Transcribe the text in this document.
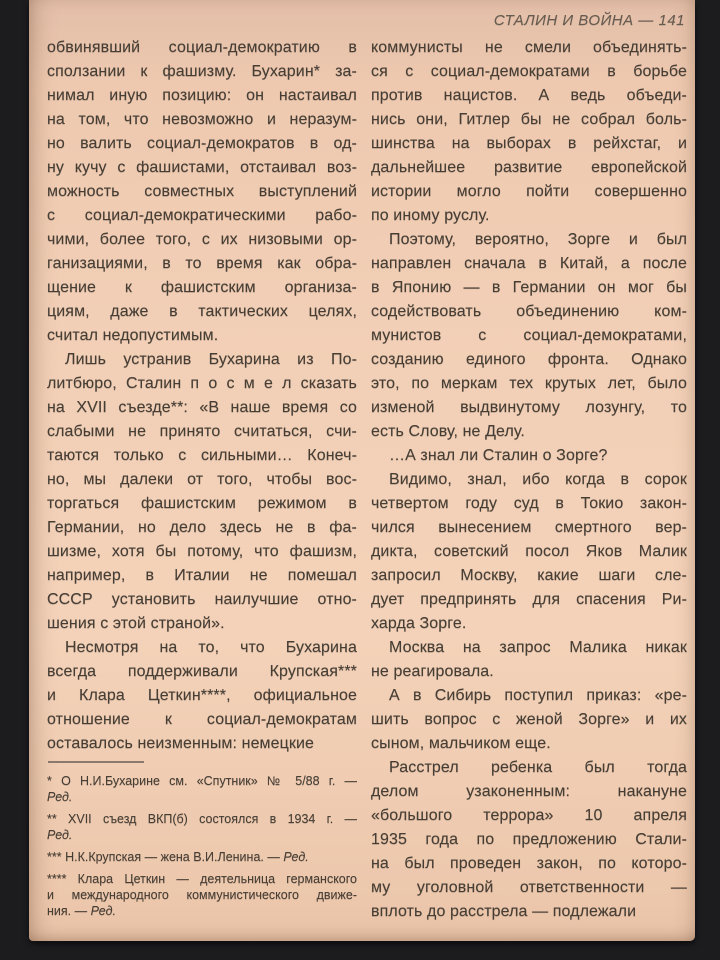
СТАЛИН И ВОЙНА — 141
обвинявший социал-демократию в
сползании к фашизму. Бухарин* за-
нимал иную позицию: он настаивал
на том, что невозможно и неразум-
но валить социал-демократов в од-
ну кучу с фашистами, отстаивал воз-
можность совместных выступлений
с социал-демократическими рабо-
чими, более того, с их низовыми ор-
ганизациями, в то время как обра-
щение к фашистским организа-
циям, даже в тактических целях,
считал недопустимым.
Лишь устранив Бухарина из По-
литбюро, Сталин п о с м е л сказать
на XVII съезде**: «В наше время со
слабыми не принято считаться, счи-
таются только с сильными… Конеч-
но, мы далеки от того, чтобы вос-
торгаться фашистским режимом в
Германии, но дело здесь не в фа-
шизме, хотя бы потому, что фашизм,
например, в Италии не помешал
СССР установить наилучшие отно-
шения с этой страной».
Несмотря на то, что Бухарина
всегда поддерживали Крупская***
и Клара Цеткин****, официальное
отношение к социал-демократам
оставалось неизменным: немецкие
* О Н.И.Бухарине см. «Спутник» № 5/88 г. —
Ред.
** XVII съезд ВКП(б) состоялся в 1934 г. —
Ред.
*** Н.К.Крупская — жена В.И.Ленина. — Ред.
**** Клара Цеткин — деятельница германского
и международного коммунистического движе-
ния. — Ред.
коммунисты не смели объединять-
ся с социал-демократами в борьбе
против нацистов. А ведь объеди-
нись они, Гитлер бы не собрал боль-
шинства на выборах в рейхстаг, и
дальнейшее развитие европейской
истории могло пойти совершенно
по иному руслу.
Поэтому, вероятно, Зорге и был
направлен сначала в Китай, а после
в Японию — в Германии он мог бы
содействовать объединению ком-
мунистов с социал-демократами,
созданию единого фронта. Однако
это, по меркам тех крутых лет, было
изменой выдвинутому лозунгу, то
есть Слову, не Делу.
…А знал ли Сталин о Зорге?
Видимо, знал, ибо когда в сорок
четвертом году суд в Токио закон-
чился вынесением смертного вер-
дикта, советский посол Яков Малик
запросил Москву, какие шаги сле-
дует предпринять для спасения Ри-
харда Зорге.
Москва на запрос Малика никак
не реагировала.
А в Сибирь поступил приказ: «ре-
шить вопрос с женой Зорге» и их
сыном, мальчиком еще.
Расстрел ребенка был тогда
делом узаконенным: накануне
«большого террора» 10 апреля
1935 года по предложению Стали-
на был проведен закон, по которо-
му уголовной ответственности —
вплоть до расстрела — подлежали
